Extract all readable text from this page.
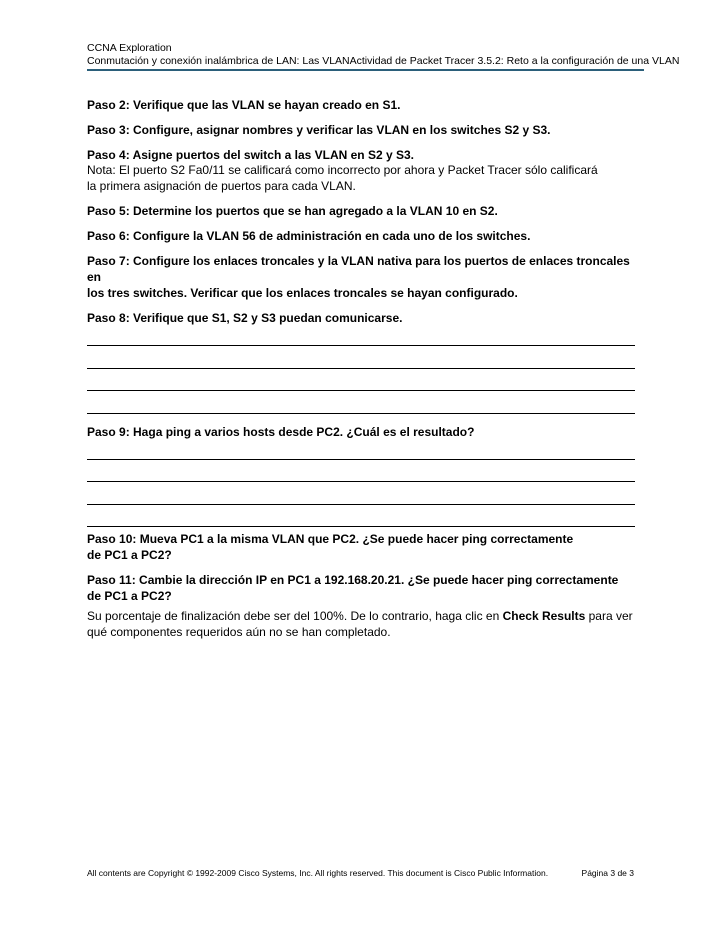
CCNA Exploration
Conmutación y conexión inalámbrica de LAN: Las VLAN Actividad de Packet Tracer 3.5.2: Reto a la configuración de una VLAN

Paso 2: Verifique que las VLAN se hayan creado en S1.

Paso 3: Configure, asignar nombres y verificar las VLAN en los switches S2 y S3.

Paso 4: Asigne puertos del switch a las VLAN en S2 y S3.

Nota: El puerto S2 Fa0/11 se calificará como incorrecto por ahora y Packet Tracer sólo calificará
la primera asignación de puertos para cada VLAN.

Paso 5: Determine los puertos que se han agregado a la VLAN 10 en S2.

Paso 6: Configure la VLAN 56 de administración en cada uno de los switches.

Paso 7: Configure los enlaces troncales y la VLAN nativa para los puertos de enlaces troncales en
los tres switches. Verificar que los enlaces troncales se hayan configurado.

Paso 8: Verifique que S1, S2 y S3 puedan comunicarse.

Paso 9: Haga ping a varios hosts desde PC2. ¿Cuál es el resultado?

Paso 10: Mueva PC1 a la misma VLAN que PC2. ¿Se puede hacer ping correctamente
de PC1 a PC2?

Paso 11: Cambie la dirección IP en PC1 a 192.168.20.21. ¿Se puede hacer ping correctamente
de PC1 a PC2?

Su porcentaje de finalización debe ser del 100%. De lo contrario, haga clic en Check Results para ver
qué componentes requeridos aún no se han completado.

All contents are Copyright © 1992-2009 Cisco Systems, Inc. All rights reserved. This document is Cisco Public Information.	Página 3 de 3
